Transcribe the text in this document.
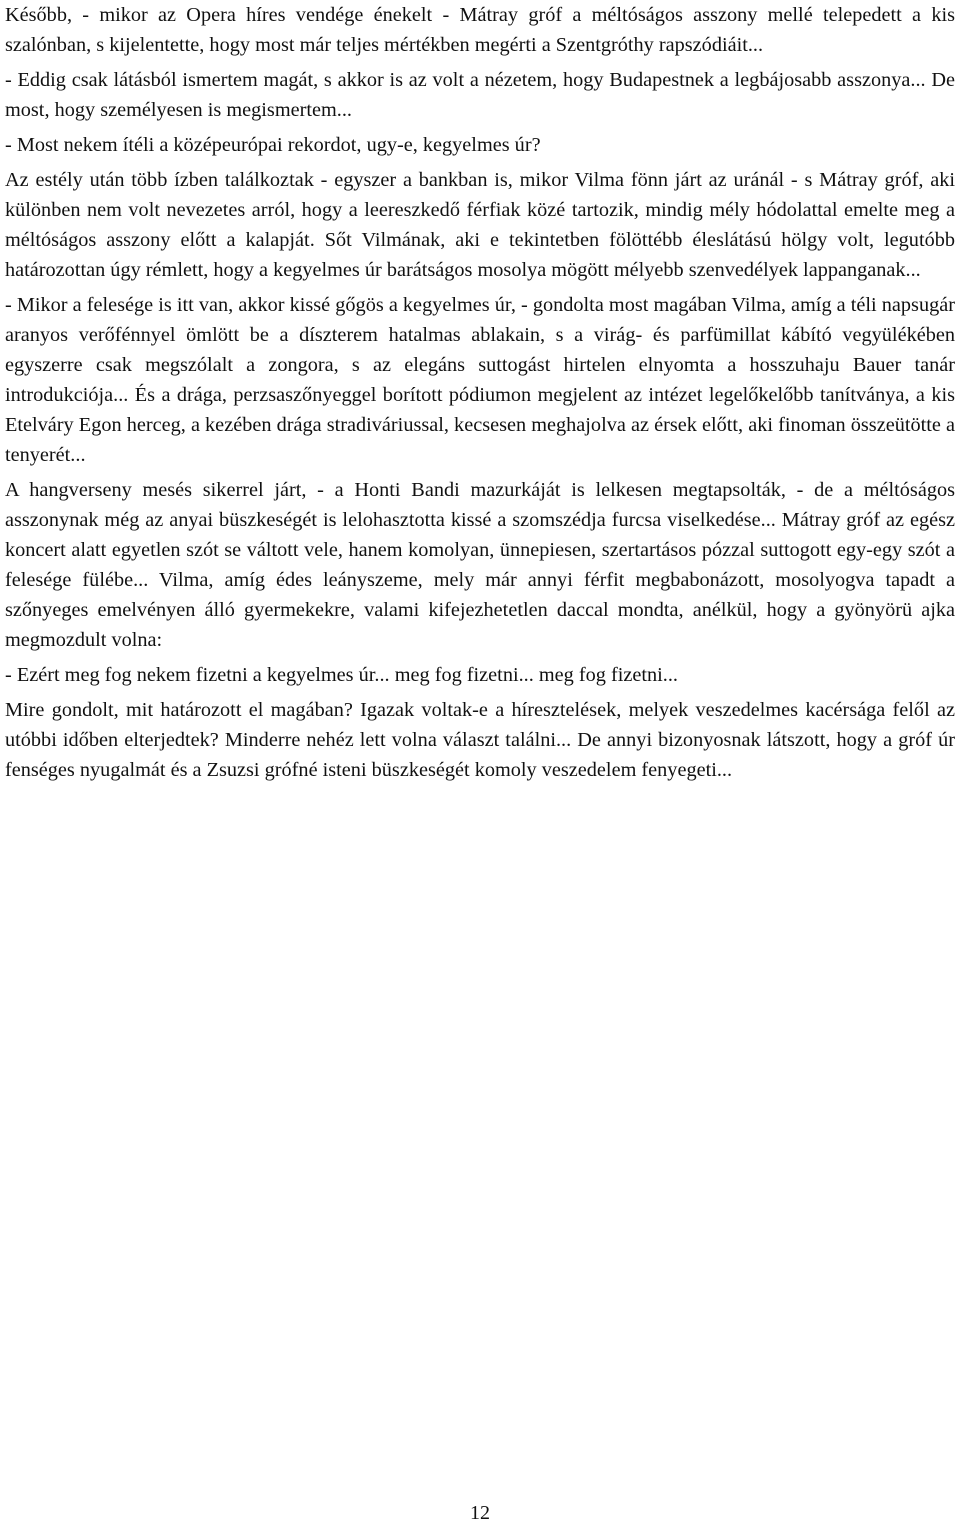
Később, - mikor az Opera híres vendége énekelt - Mátray gróf a méltóságos asszony mellé telepedett a kis szalónban, s kijelentette, hogy most már teljes mértékben megérti a Szentgróthy rapszódiáit...

- Eddig csak látásból ismertem magát, s akkor is az volt a nézetem, hogy Budapestnek a legbájosabb asszonya... De most, hogy személyesen is megismertem...

- Most nekem ítéli a középeurópai rekordot, ugy-e, kegyelmes úr?

Az estély után több ízben találkoztak - egyszer a bankban is, mikor Vilma fönn járt az uránál - s Mátray gróf, aki különben nem volt nevezetes arról, hogy a leereszkedő férfiak közé tartozik, mindig mély hódolattal emelte meg a méltóságos asszony előtt a kalapját. Sőt Vilmának, aki e tekintetben fölöttébb éleslátású hölgy volt, legutóbb határozottan úgy rémlett, hogy a kegyelmes úr barátságos mosolya mögött mélyebb szenvedélyek lappanganak...

- Mikor a felesége is itt van, akkor kissé gőgös a kegyelmes úr, - gondolta most magában Vilma, amíg a téli napsugár aranyos verőfénnyel ömlött be a díszterem hatalmas ablakain, s a virág- és parfümillat kábító vegyülékében egyszerre csak megszólalt a zongora, s az elegáns suttogást hirtelen elnyomta a hosszuhaju Bauer tanár introdukciója... És a drága, perzsaszőnyeggel borított pódiumon megjelent az intézet legelőkelőbb tanítványa, a kis Etelváry Egon herceg, a kezében drága stradiváriussal, kecsesen meghajolva az érsek előtt, aki finoman összeütötte a tenyerét...

A hangverseny mesés sikerrel járt, - a Honti Bandi mazurkáját is lelkesen megtapsolták, - de a méltóságos asszonynak még az anyai büszkeségét is lelohasztotta kissé a szomszédja furcsa viselkedése... Mátray gróf az egész koncert alatt egyetlen szót se váltott vele, hanem komolyan, ünnepiesen, szertartásos pózzal suttogott egy-egy szót a felesége fülébe... Vilma, amíg édes leányszeme, mely már annyi férfit megbabonázott, mosolyogva tapadt a szőnyeges emelvényen álló gyermekekre, valami kifejezhetetlen daccal mondta, anélkül, hogy a gyönyörü ajka megmozdult volna:

- Ezért meg fog nekem fizetni a kegyelmes úr... meg fog fizetni... meg fog fizetni...

Mire gondolt, mit határozott el magában? Igazak voltak-e a híresztelések, melyek veszedelmes kacérsága felől az utóbbi időben elterjedtek? Minderre nehéz lett volna választ találni... De annyi bizonyosnak látszott, hogy a gróf úr fenséges nyugalmát és a Zsuzsi grófné isteni büszkeségét komoly veszedelem fenyegeti...

12
